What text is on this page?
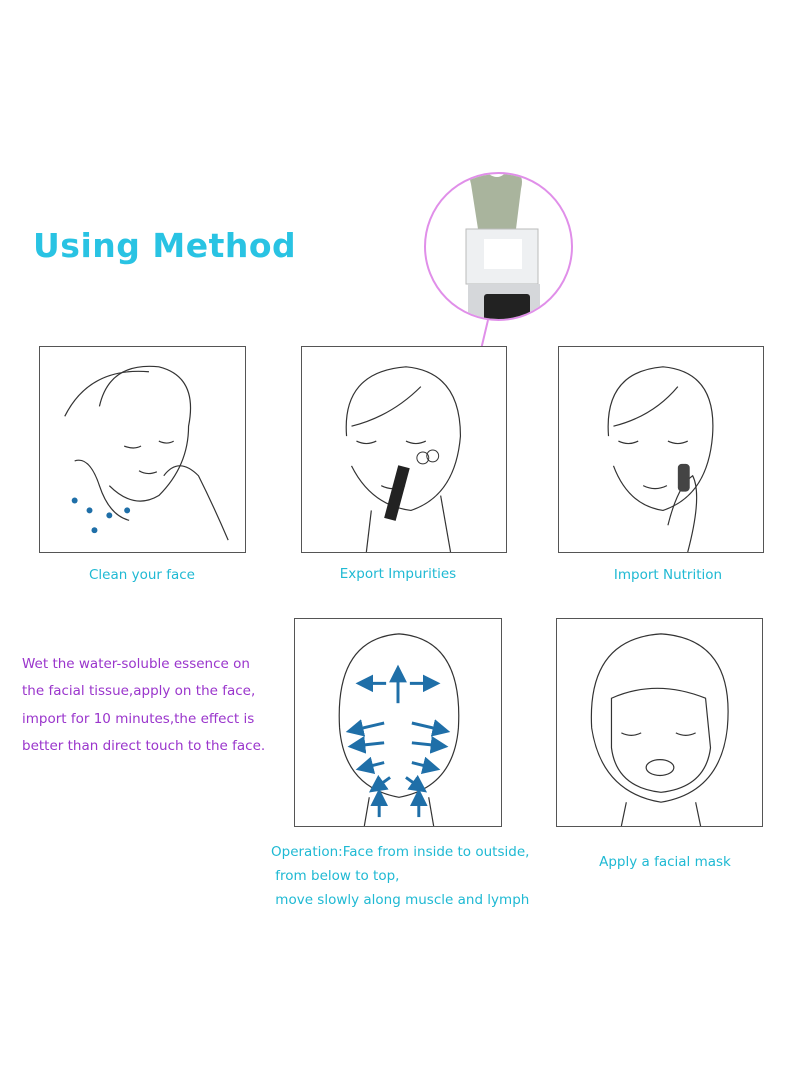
Using Method
Clean your face	Export Impurities	Import Nutrition
Wet the water-soluble essence on
the facial tissue,apply on the face,
import for 10 minutes,the effect is
better than direct touch to the face.
Operation:Face from inside to outside,
from below to top,
move slowly along muscle and lymph
Apply a facial mask
